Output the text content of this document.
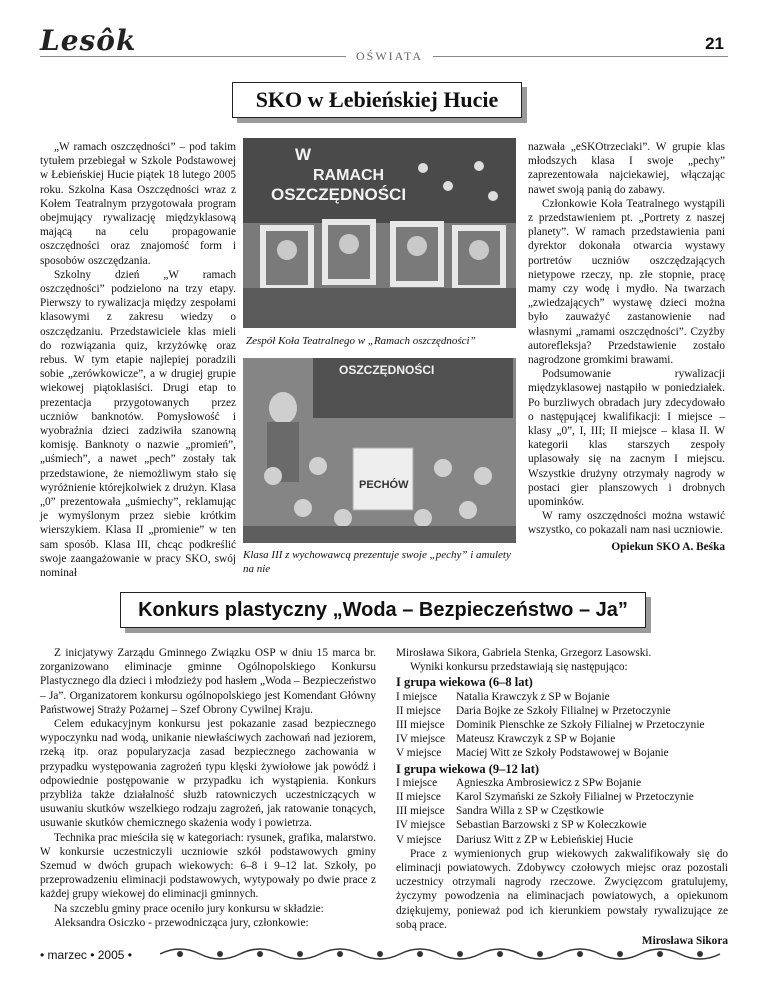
Lesôk	21
OŚWIATA
SKO w Łebieńskiej Hucie

„W ramach oszczędności” – pod takim tytułem przebiegał w Szkole Podstawowej w Łebieńskiej Hucie piątek 18 lutego 2005 roku. Szkolna Kasa Oszczędności wraz z Kołem Teatralnym przygotowała program obejmujący rywalizację międzyklasową mającą na celu propagowanie oszczędności oraz znajomość form i sposobów oszczędzania.

Szkolny dzień „W ramach oszczędności” podzielono na trzy etapy. Pierwszy to rywalizacja między zespołami klasowymi z zakresu wiedzy o oszczędzaniu. Przedstawiciele klas mieli do rozwiązania quiz, krzyżówkę oraz rebus. W tym etapie najlepiej poradzili sobie „zerówkowicze”, a w drugiej grupie wiekowej piątoklasiści. Drugi etap to prezentacja przygotowanych przez uczniów banknotów. Pomysłowość i wyobraźnia dzieci zadziwiła szanowną komisję. Banknoty o nazwie „promień”, „uśmiech”, a nawet „pech” zostały tak przedstawione, że niemożliwym stało się wyróżnienie którejkolwiek z drużyn. Klasa „0” prezentowała „uśmiechy”, reklamując je wymyślonym przez siebie krótkim wierszykiem. Klasa II „promienie” w ten sam sposób. Klasa III, chcąc podkreślić swoje zaangażowanie w pracy SKO, swój nominał

W
RAMACH
OSZCZĘDNOŚCI
Zespół Koła Teatralnego w „Ramach oszczędności”
OSZCZĘDNOŚCI
PECHÓW
Klasa III z wychowawcą prezentuje swoje „pechy” i amulety na nie

nazwała „eSKOtrzeciaki”. W grupie klas młodszych klasa I swoje „pechy” zaprezentowała najciekawiej, włączając nawet swoją panią do zabawy.

Członkowie Koła Teatralnego wystąpili z przedstawieniem pt. „Portrety z naszej planety”. W ramach przedstawienia pani dyrektor dokonała otwarcia wystawy portretów uczniów oszczędzających nietypowe rzeczy, np. złe stopnie, pracę mamy czy wodę i mydło. Na twarzach „zwiedzających” wystawę dzieci można było zauważyć zastanowienie nad własnymi „ramami oszczędności”. Czyżby autorefleksja? Przedstawienie zostało nagrodzone gromkimi brawami.

Podsumowanie rywalizacji międzyklasowej nastąpiło w poniedziałek. Po burzliwych obradach jury zdecydowało o następującej kwalifikacji: I miejsce – klasy „0”, I, III; II miejsce – klasa II. W kategorii klas starszych zespoły uplasowały się na zacnym I miejscu. Wszystkie drużyny otrzymały nagrody w postaci gier planszowych i drobnych upominków.

W ramy oszczędności można wstawić wszystko, co pokazali nam nasi uczniowie.

Opiekun SKO A. Beśka

Konkurs plastyczny „Woda – Bezpieczeństwo – Ja”

Z inicjatywy Zarządu Gminnego Związku OSP w dniu 15 marca br. zorganizowano eliminacje gminne Ogólnopolskiego Konkursu Plastycznego dla dzieci i młodzieży pod hasłem „Woda – Bezpieczeństwo – Ja”. Organizatorem konkursu ogólnopolskiego jest Komendant Główny Państwowej Straży Pożarnej – Szef Obrony Cywilnej Kraju.

Celem edukacyjnym konkursu jest pokazanie zasad bezpiecznego wypoczynku nad wodą, unikanie niewłaściwych zachowań nad jeziorem, rzeką itp. oraz popularyzacja zasad bezpiecznego zachowania w przypadku występowania zagrożeń typu klęski żywiołowe jak powódź i odpowiednie postępowanie w przypadku ich wystąpienia. Konkurs przybliża także działalność służb ratowniczych uczestniczących w usuwaniu skutków wszelkiego rodzaju zagrożeń, jak ratowanie tonących, usuwanie skutków chemicznego skażenia wody i powietrza.

Technika prac mieściła się w kategoriach: rysunek, grafika, malarstwo. W konkursie uczestniczyli uczniowie szkół podstawowych gminy Szemud w dwóch grupach wiekowych: 6–8 i 9–12 lat. Szkoły, po przeprowadzeniu eliminacji podstawowych, wytypowały po dwie prace z każdej grupy wiekowej do eliminacji gminnych.

Na szczeblu gminy prace oceniło jury konkursu w składzie:

Aleksandra Osiczko - przewodnicząca jury, członkowie:

Mirosława Sikora, Gabriela Stenka, Grzegorz Lasowski.

Wyniki konkursu przedstawiają się następująco:

I grupa wiekowa (6–8 lat)

I miejsce Natalia Krawczyk z SP w Bojanie

II miejsce Daria Bojke ze Szkoły Filialnej w Przetoczynie

III miejsce Dominik Pienschke ze Szkoły Filialnej w Przetoczynie

IV miejsce Mateusz Krawczyk z SP w Bojanie

V miejsce Maciej Witt ze Szkoły Podstawowej w Bojanie

I grupa wiekowa (9–12 lat)

I miejsce Agnieszka Ambrosiewicz z SPw Bojanie

II miejsce Karol Szymański ze Szkoły Filialnej w Przetoczynie

III miejsce Sandra Willa z SP w Częstkowie

IV miejsce Sebastian Barzowski z SP w Koleczkowie

V miejsce Dariusz Witt z ZP w Łebieńskiej Hucie

Prace z wymienionych grup wiekowych zakwalifikowały się do eliminacji powiatowych. Zdobywcy czołowych miejsc oraz pozostali uczestnicy otrzymali nagrody rzeczowe. Zwycięzcom gratulujemy, życzymy powodzenia na eliminacjach powiatowych, a opiekunom dziękujemy, ponieważ pod ich kierunkiem powstały rywalizujące ze sobą prace.

Mirosława Sikora

• marzec • 2005 •
